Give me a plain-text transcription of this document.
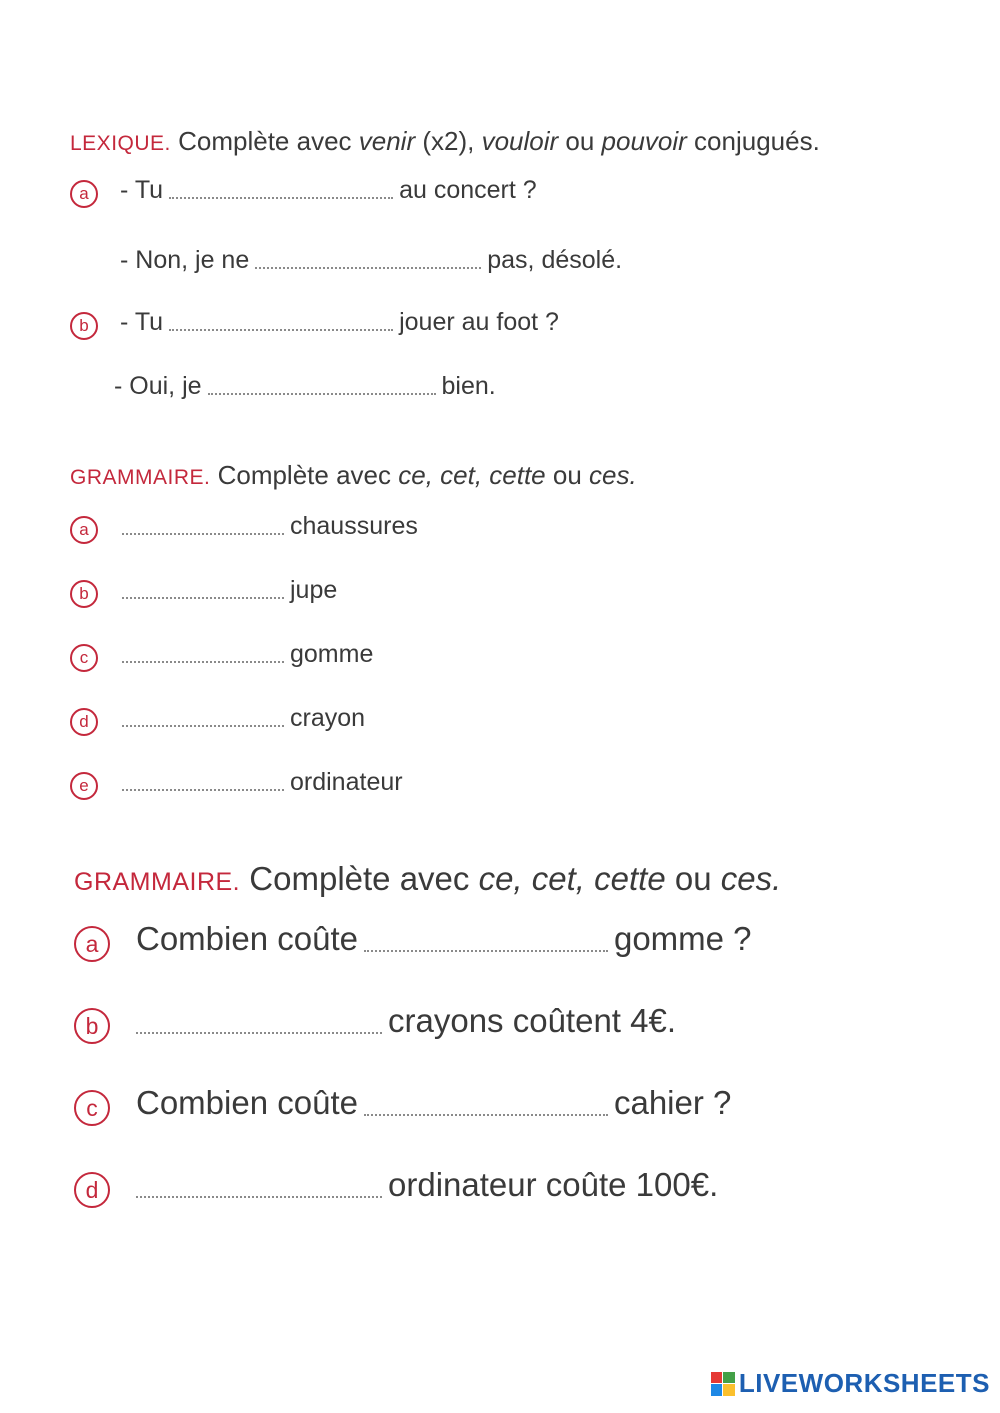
LEXIQUE. Complète avec venir (x2), vouloir ou pouvoir conjugués.
a	- Tu	au concert ?
- Non, je ne	pas, désolé.
b	- Tu	jouer au foot ?
- Oui, je	bien.
GRAMMAIRE. Complète avec ce, cet, cette ou ces.
a	chaussures
b	jupe
c	gomme
d	crayon
e	ordinateur
GRAMMAIRE. Complète avec ce, cet, cette ou ces.
a	Combien coûte	gomme ?
b	crayons coûtent 4€.
c	Combien coûte	cahier ?
d	ordinateur coûte 100€.
LIVEWORKSHEETS
